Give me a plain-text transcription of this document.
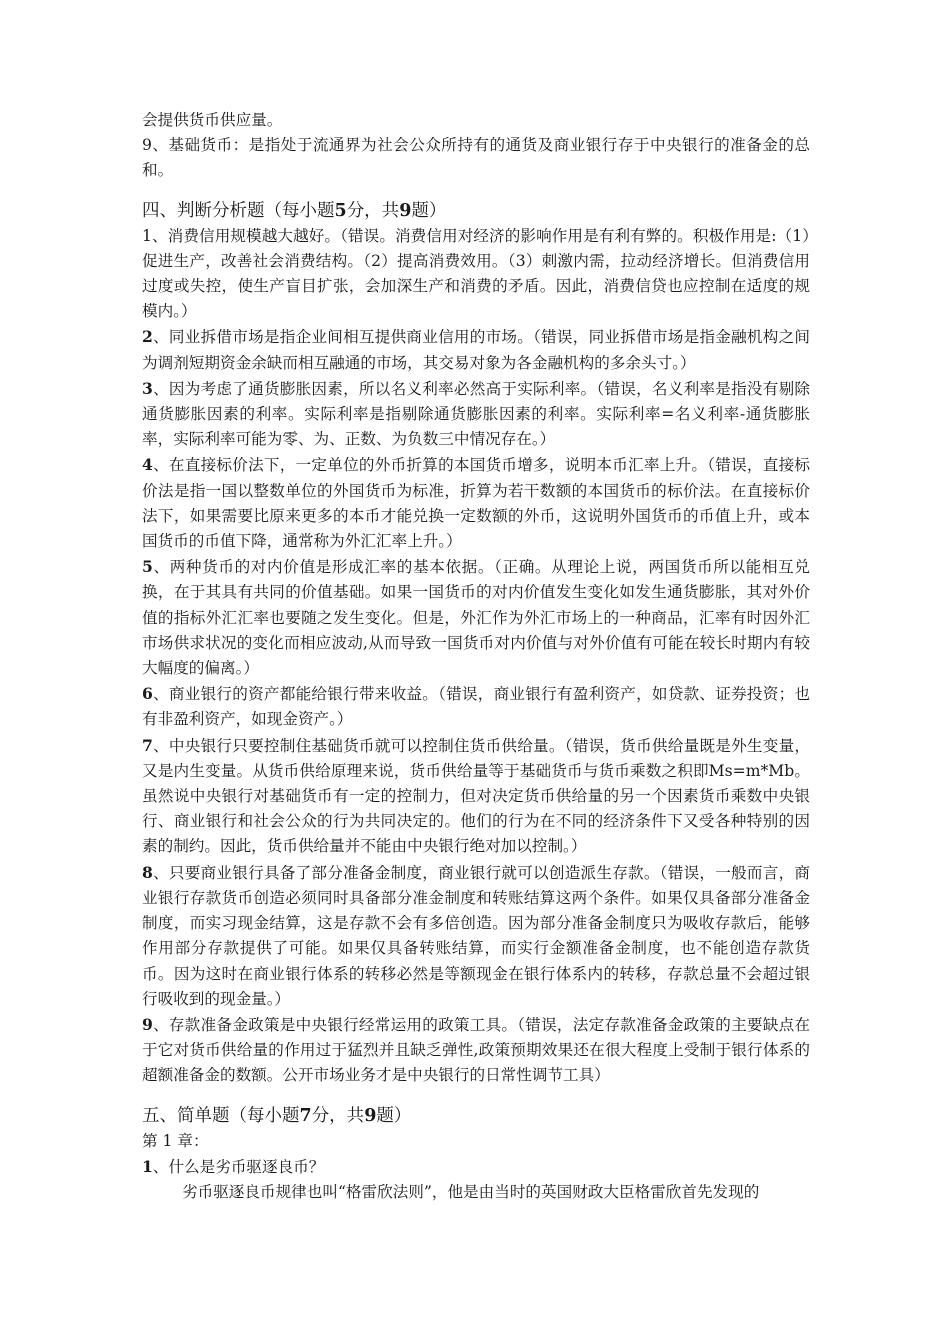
会提供货币供应量。

9、基础货币：是指处于流通界为社会公众所持有的通货及商业银行存于中央银行的准备金的总和。

四、判断分析题（每小题5分，共9题）

1、消费信用规模越大越好。（错误。消费信用对经济的影响作用是有利有弊的。积极作用是:（1）促进生产，改善社会消费结构。（2）提高消费效用。（3）刺激内需，拉动经济增长。但消费信用过度或失控，使生产盲目扩张，会加深生产和消费的矛盾。因此，消费信贷也应控制在适度的规模内。）

2、同业拆借市场是指企业间相互提供商业信用的市场。（错误，同业拆借市场是指金融机构之间为调剂短期资金余缺而相互融通的市场，其交易对象为各金融机构的多余头寸。）

3、因为考虑了通货膨胀因素，所以名义利率必然高于实际利率。（错误，名义利率是指没有剔除通货膨胀因素的利率。实际利率是指剔除通货膨胀因素的利率。实际利率=名义利率-通货膨胀率，实际利率可能为零、为、正数、为负数三中情况存在。）

4、在直接标价法下，一定单位的外币折算的本国货币增多，说明本币汇率上升。（错误，直接标价法是指一国以整数单位的外国货币为标准，折算为若干数额的本国货币的标价法。在直接标价法下，如果需要比原来更多的本币才能兑换一定数额的外币，这说明外国货币的币值上升，或本国货币的币值下降，通常称为外汇汇率上升。）

5、两种货币的对内价值是形成汇率的基本依据。（正确。从理论上说，两国货币所以能相互兑换，在于其具有共同的价值基础。如果一国货币的对内价值发生变化如发生通货膨胀，其对外价值的指标外汇汇率也要随之发生变化。但是，外汇作为外汇市场上的一种商品，汇率有时因外汇市场供求状况的变化而相应波动,从而导致一国货币对内价值与对外价值有可能在较长时期内有较大幅度的偏离。）

6、商业银行的资产都能给银行带来收益。（错误，商业银行有盈利资产，如贷款、证券投资；也有非盈利资产，如现金资产。）

7、中央银行只要控制住基础货币就可以控制住货币供给量。（错误，货币供给量既是外生变量，又是内生变量。从货币供给原理来说，货币供给量等于基础货币与货币乘数之积即Ms=m*Mb。虽然说中央银行对基础货币有一定的控制力，但对决定货币供给量的另一个因素货币乘数中央银行、商业银行和社会公众的行为共同决定的。他们的行为在不同的经济条件下又受各种特别的因素的制约。因此，货币供给量并不能由中央银行绝对加以控制。）

8、只要商业银行具备了部分准备金制度，商业银行就可以创造派生存款。（错误，一般而言，商业银行存款货币创造必须同时具备部分准金制度和转账结算这两个条件。如果仅具备部分准备金制度，而实习现金结算，这是存款不会有多倍创造。因为部分准备金制度只为吸收存款后，能够作用部分存款提供了可能。如果仅具备转账结算，而实行金额准备金制度，也不能创造存款货币。因为这时在商业银行体系的转移必然是等额现金在银行体系内的转移，存款总量不会超过银行吸收到的现金量。）

9、存款准备金政策是中央银行经常运用的政策工具。（错误，法定存款准备金政策的主要缺点在于它对货币供给量的作用过于猛烈并且缺乏弹性,政策预期效果还在很大程度上受制于银行体系的超额准备金的数额。公开市场业务才是中央银行的日常性调节工具）

五、简单题（每小题7分，共9题）

第 1 章：

1、什么是劣币驱逐良币？

劣币驱逐良币规律也叫“格雷欣法则”，他是由当时的英国财政大臣格雷欣首先发现的
